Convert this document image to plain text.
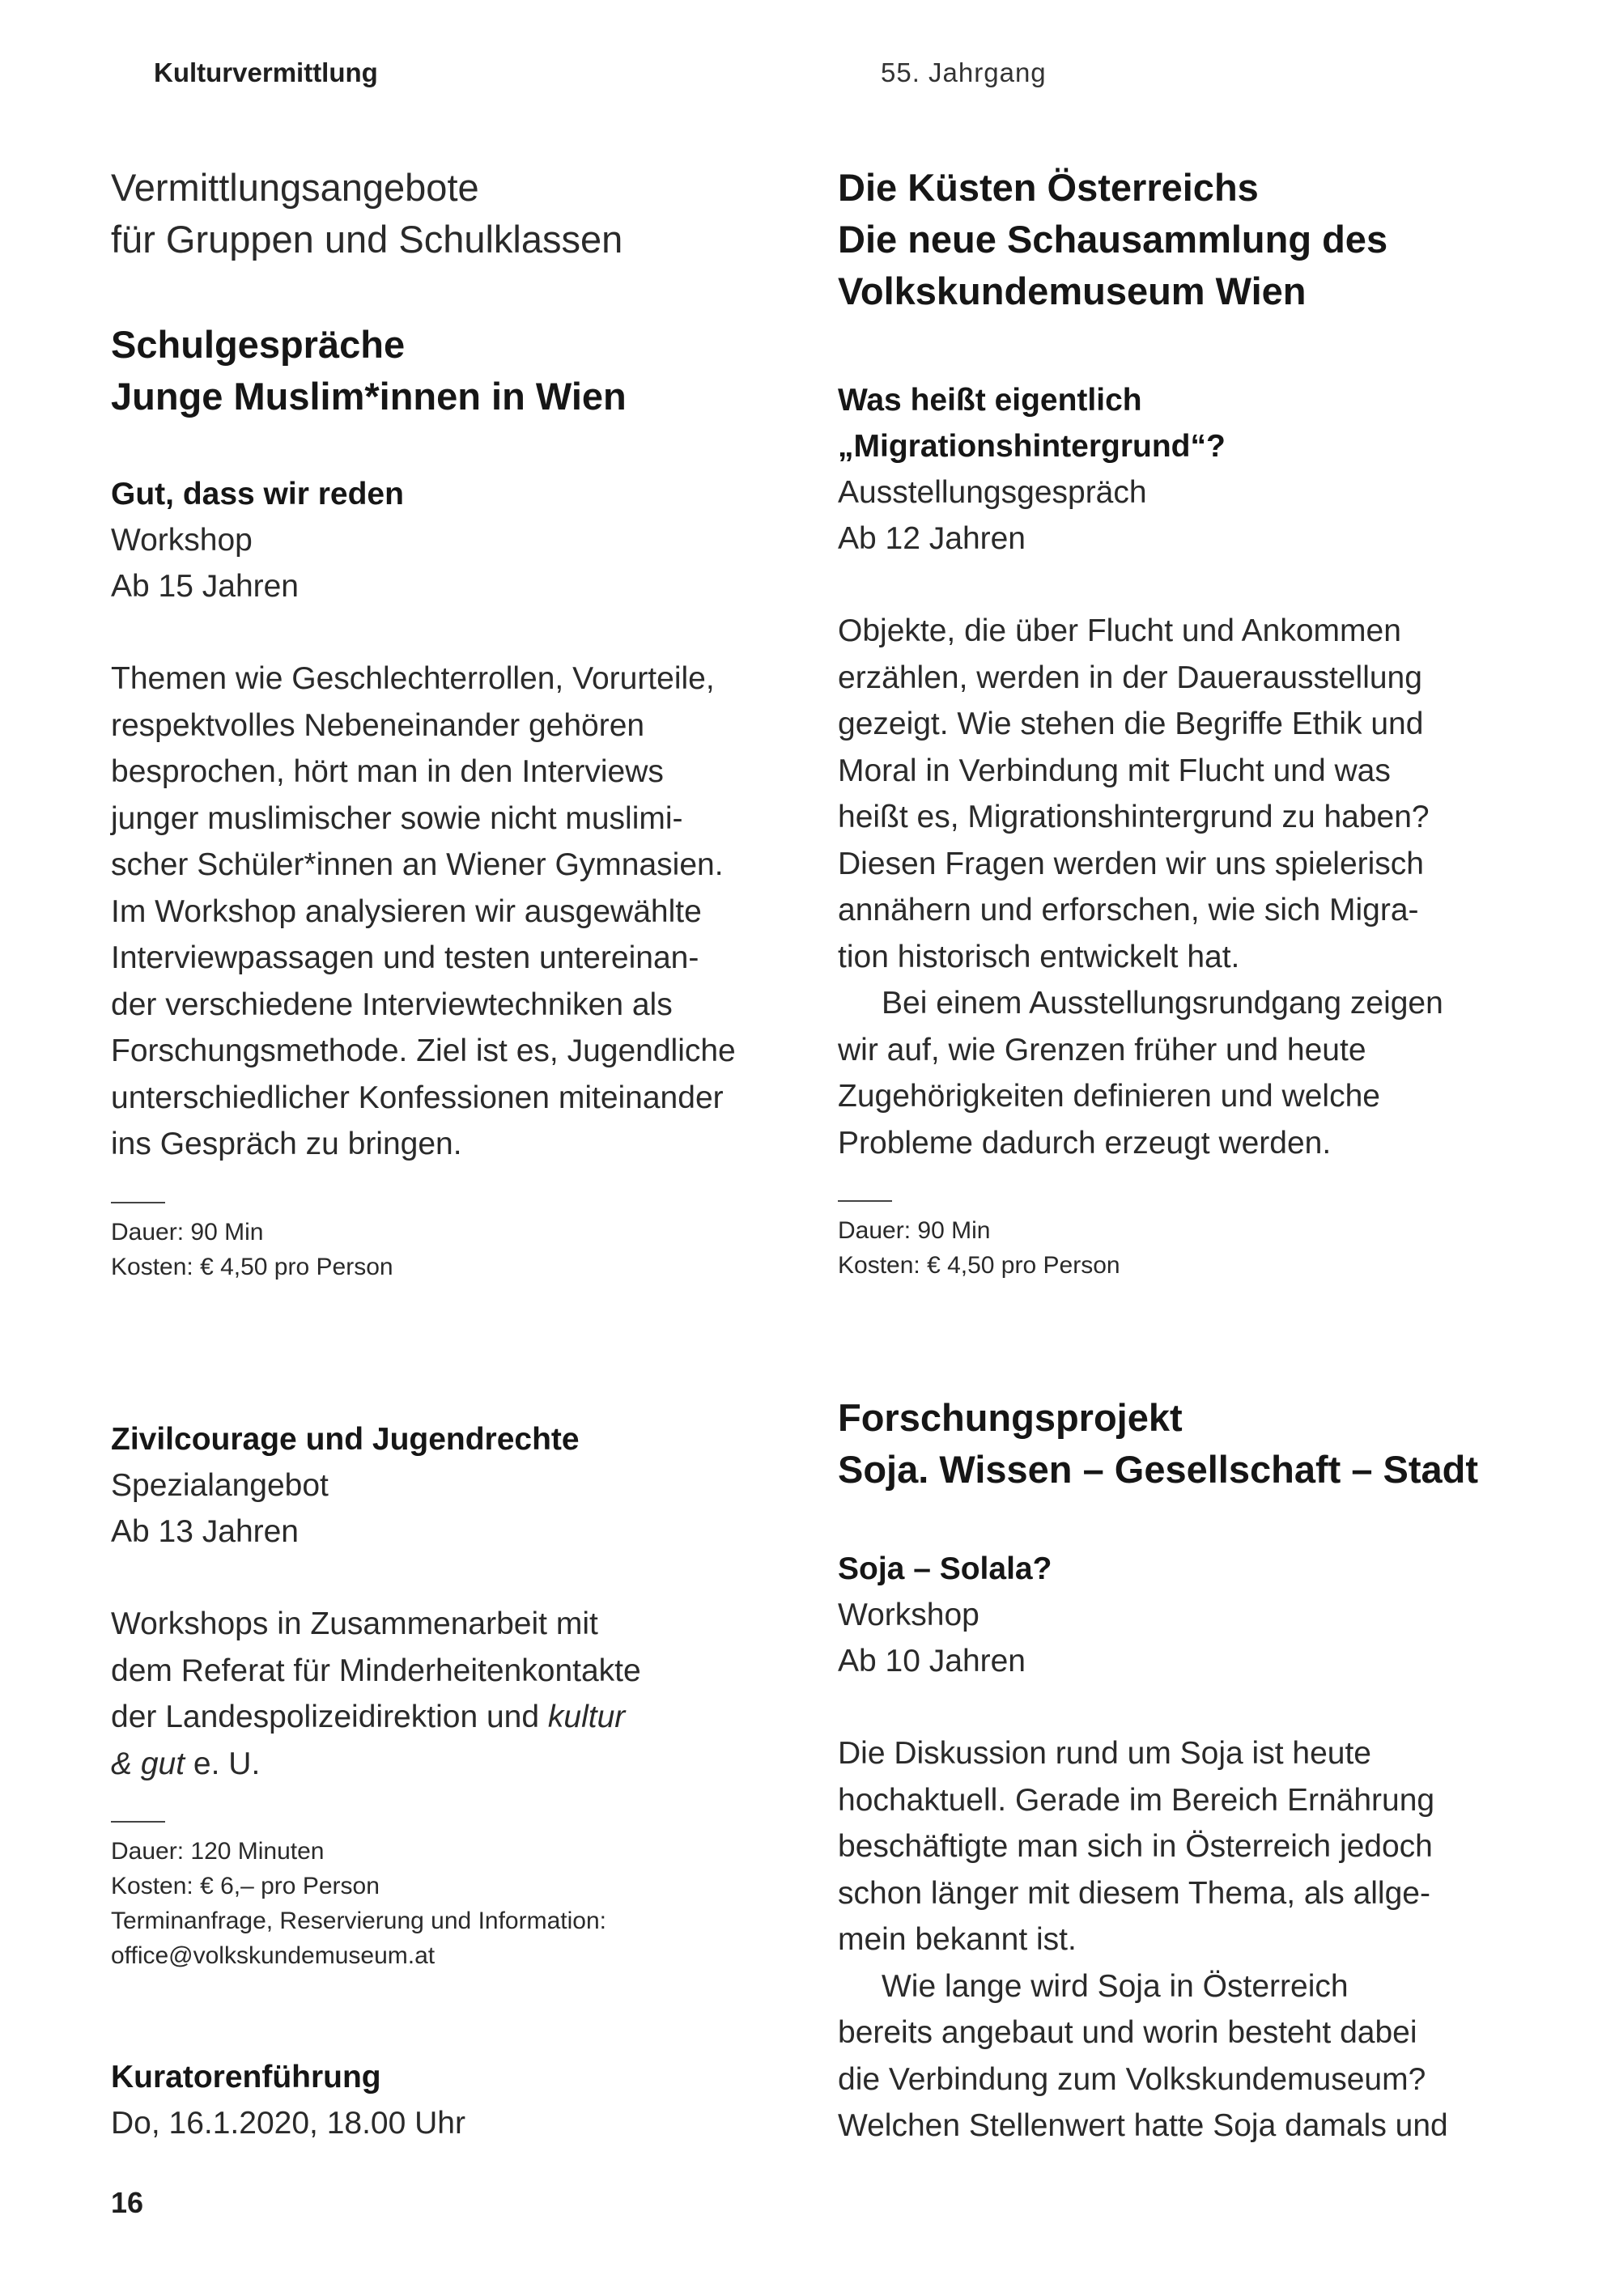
Kulturvermittlung	55. Jahrgang
Vermittlungsangebote
für Gruppen und Schulklassen
Schulgespräche
Junge Muslim*innen in Wien

Gut, dass wir reden

Workshop

Ab 15 Jahren

Themen wie Geschlechterrollen, Vorurteile,
respektvolles Nebeneinander gehören
besprochen, hört man in den Interviews
junger muslimischer sowie nicht muslimi-
scher Schüler*innen an Wiener Gymnasien.
Im Workshop analysieren wir ausgewählte
Interviewpassagen und testen untereinan-
der verschiedene Interviewtechniken als
Forschungsmethode. Ziel ist es, Jugendliche
unterschiedlicher Konfessionen miteinander
ins Gespräch zu bringen.

Dauer: 90 Min

Kosten: € 4,50 pro Person

Zivilcourage und Jugendrechte

Spezialangebot

Ab 13 Jahren

Workshops in Zusammenarbeit mit
dem Referat für Minderheitenkontakte
der Landespolizeidirektion und kultur
& gut e. U.

Dauer: 120 Minuten

Kosten: € 6,– pro Person

Terminanfrage, Reservierung und Information:

office@volkskundemuseum.at

Kuratorenführung

Do, 16.1.2020, 18.00 Uhr

Die Küsten Österreichs
Die neue Schausammlung des
Volkskundemuseum Wien

Was heißt eigentlich
„Migrationshintergrund“?

Ausstellungsgespräch

Ab 12 Jahren

Objekte, die über Flucht und Ankommen
erzählen, werden in der Dauerausstellung
gezeigt. Wie stehen die Begriffe Ethik und
Moral in Verbindung mit Flucht und was
heißt es, Migrationshintergrund zu haben?
Diesen Fragen werden wir uns spielerisch
annähern und erforschen, wie sich Migra-
tion historisch entwickelt hat.
Bei einem Ausstellungsrundgang zeigen
wir auf, wie Grenzen früher und heute
Zugehörigkeiten definieren und welche
Probleme dadurch erzeugt werden.

Dauer: 90 Min

Kosten: € 4,50 pro Person

Forschungsprojekt
Soja. Wissen – Gesellschaft – Stadt

Soja – Solala?

Workshop

Ab 10 Jahren

Die Diskussion rund um Soja ist heute
hochaktuell. Gerade im Bereich Ernährung
beschäftigte man sich in Österreich jedoch
schon länger mit diesem Thema, als allge-
mein bekannt ist.
Wie lange wird Soja in Österreich
bereits angebaut und worin besteht dabei
die Verbindung zum Volkskundemuseum?
Welchen Stellenwert hatte Soja damals und
16
